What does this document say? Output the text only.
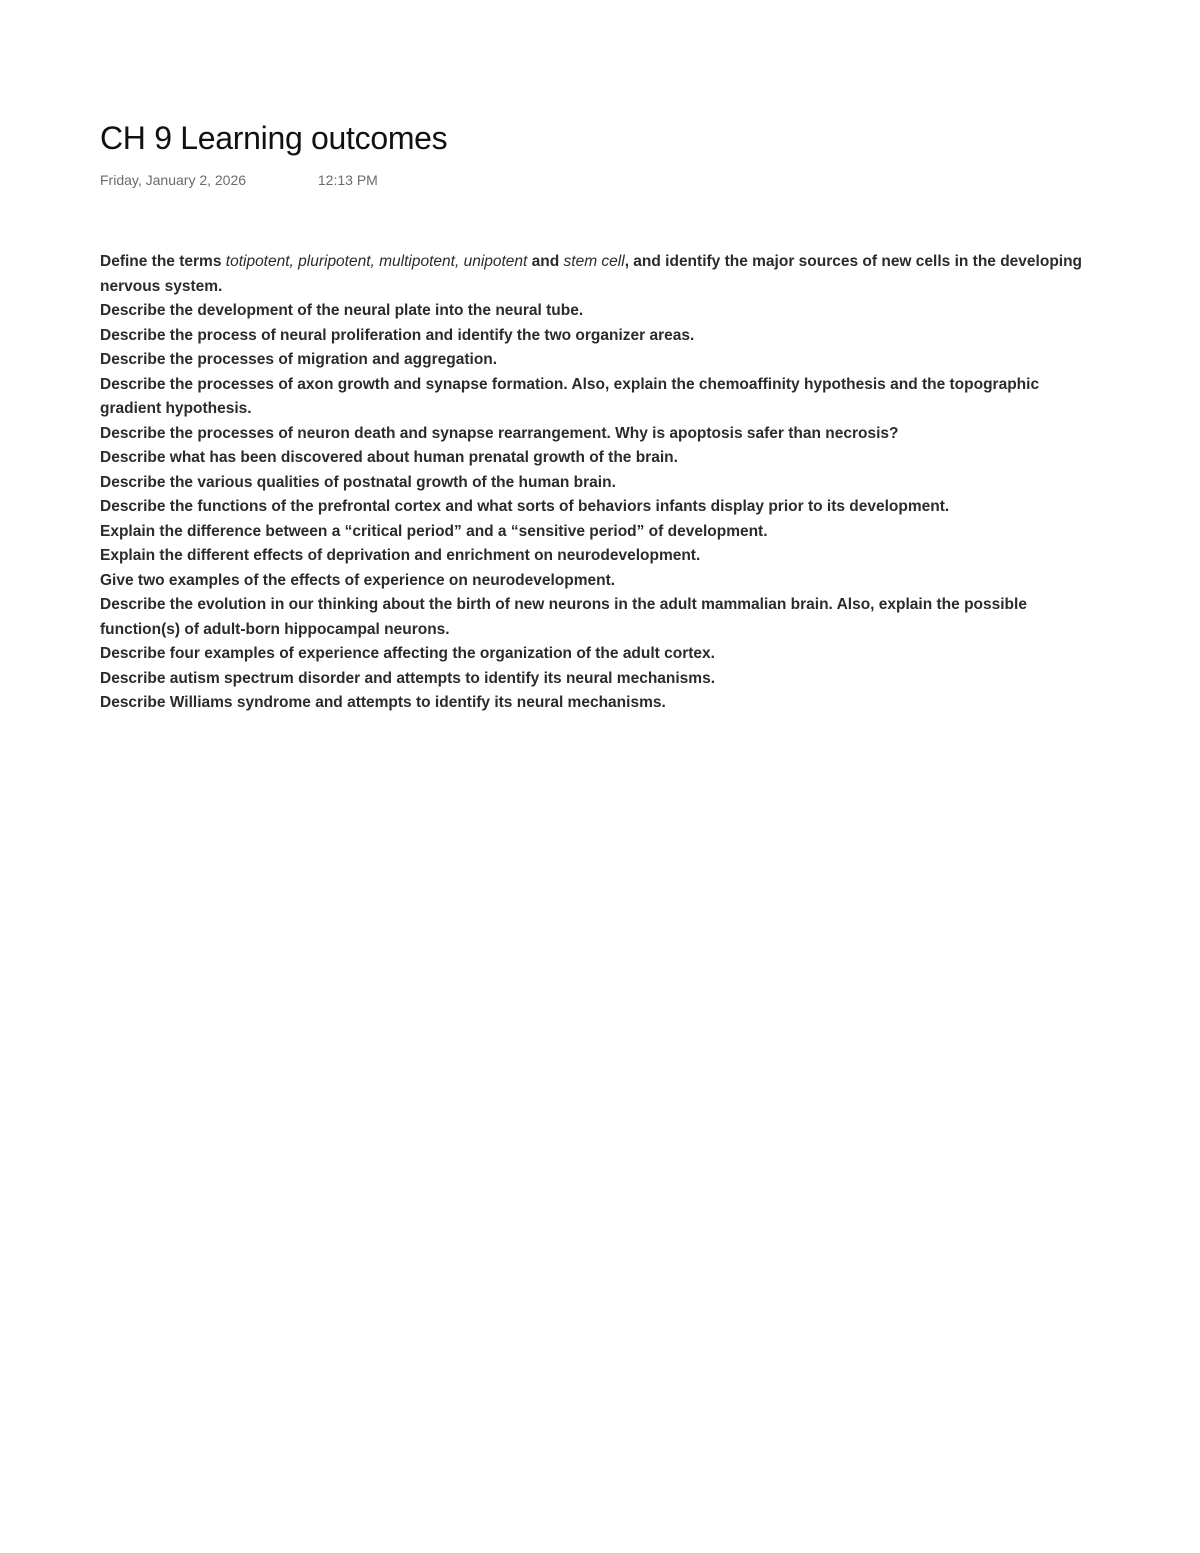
CH 9 Learning outcomes
Friday, January 2, 2026	12:13 PM
Define the terms totipotent, pluripotent, multipotent, unipotent and stem cell, and identify the major sources of new cells in the developing nervous system.
Describe the development of the neural plate into the neural tube.
Describe the process of neural proliferation and identify the two organizer areas.
Describe the processes of migration and aggregation.
Describe the processes of axon growth and synapse formation. Also, explain the chemoaffinity hypothesis and the topographic gradient hypothesis.
Describe the processes of neuron death and synapse rearrangement. Why is apoptosis safer than necrosis?
Describe what has been discovered about human prenatal growth of the brain.
Describe the various qualities of postnatal growth of the human brain.
Describe the functions of the prefrontal cortex and what sorts of behaviors infants display prior to its development.
Explain the difference between a “critical period” and a “sensitive period” of development.
Explain the different effects of deprivation and enrichment on neurodevelopment.
Give two examples of the effects of experience on neurodevelopment.
Describe the evolution in our thinking about the birth of new neurons in the adult mammalian brain. Also, explain the possible function(s) of adult-born hippocampal neurons.
Describe four examples of experience affecting the organization of the adult cortex.
Describe autism spectrum disorder and attempts to identify its neural mechanisms.
Describe Williams syndrome and attempts to identify its neural mechanisms.
